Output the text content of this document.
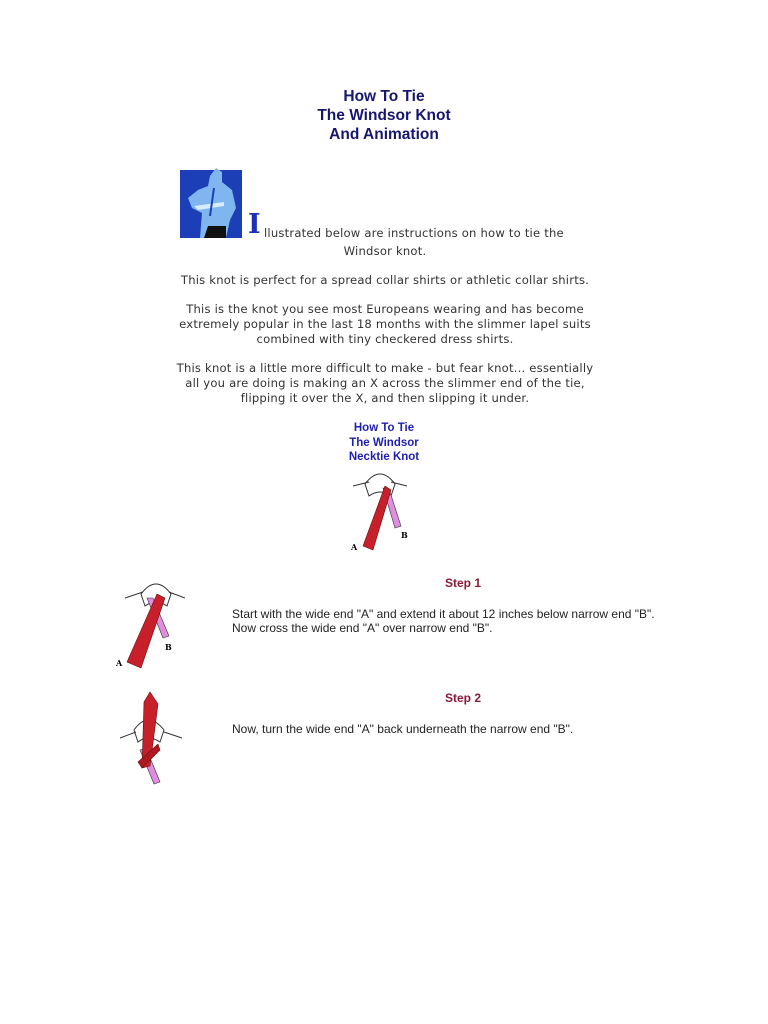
How To Tie
The Windsor Knot
And Animation
I llustrated below are instructions on how to tie the
Windsor knot.
This knot is perfect for a spread collar shirts or athletic collar shirts.
This is the knot you see most Europeans wearing and has become
extremely popular in the last 18 months with the slimmer lapel suits
combined with tiny checkered dress shirts.
This knot is a little more difficult to make - but fear knot... essentially
all you are doing is making an X across the slimmer end of the tie,
flipping it over the X, and then slipping it under.
How To Tie
The Windsor
Necktie Knot
B
A
B
A
Step 1
Start with the wide end "A" and extend it about 12 inches below narrow end "B".
Now cross the wide end "A" over narrow end "B".
Step 2
Now, turn the wide end "A" back underneath the narrow end "B".
